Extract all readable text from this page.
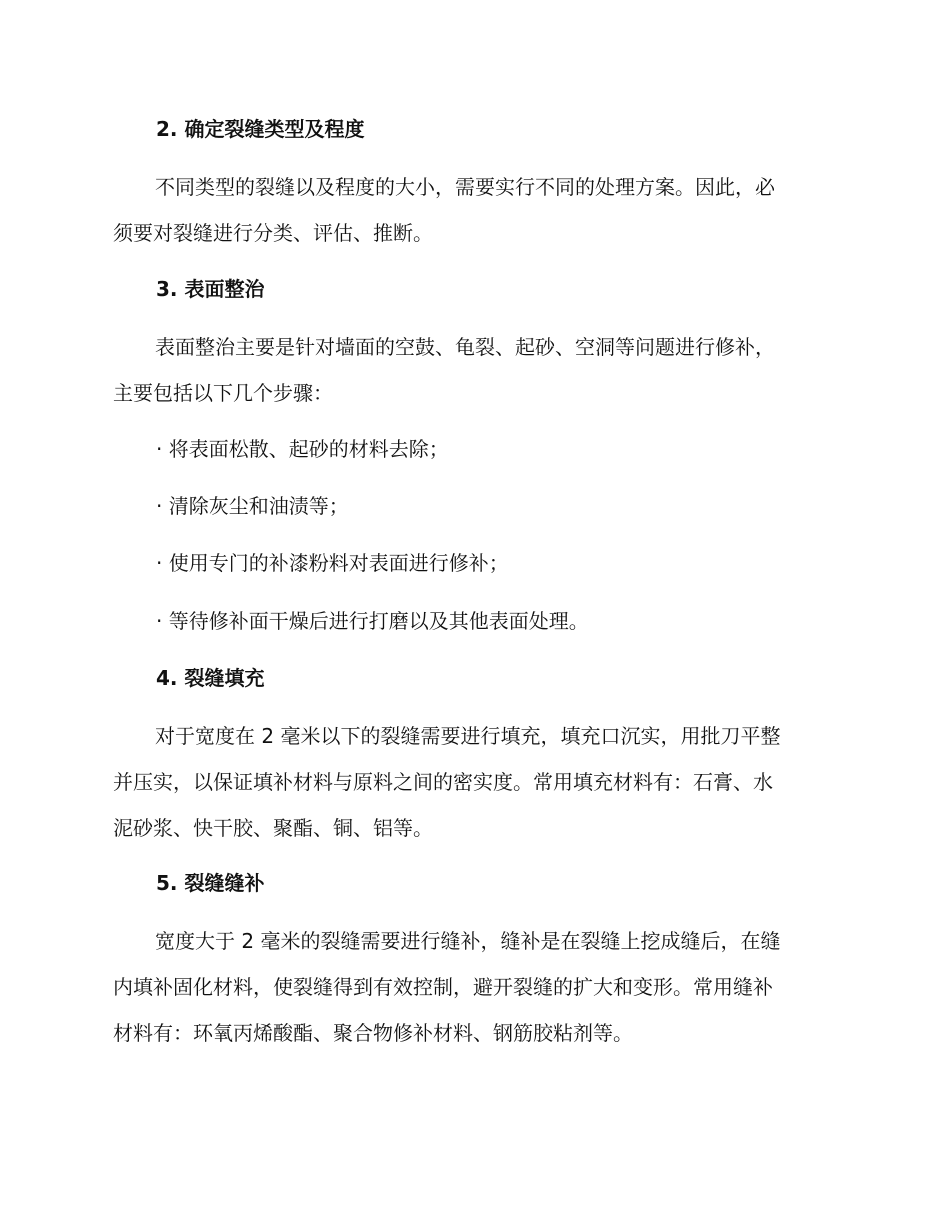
2. 确定裂缝类型及程度
不同类型的裂缝以及程度的大小，需要实行不同的处理方案。因此，必
须要对裂缝进行分类、评估、推断。
3. 表面整治
表面整治主要是针对墙面的空鼓、龟裂、起砂、空洞等问题进行修补，
主要包括以下几个步骤：
· 将表面松散、起砂的材料去除；
· 清除灰尘和油渍等；
· 使用专门的补漆粉料对表面进行修补；
· 等待修补面干燥后进行打磨以及其他表面处理。
4. 裂缝填充
对于宽度在 2 毫米以下的裂缝需要进行填充，填充口沉实，用批刀平整
并压实，以保证填补材料与原料之间的密实度。常用填充材料有：石膏、水
泥砂浆、快干胶、聚酯、铜、铝等。
5. 裂缝缝补
宽度大于 2 毫米的裂缝需要进行缝补，缝补是在裂缝上挖成缝后，在缝
内填补固化材料，使裂缝得到有效控制，避开裂缝的扩大和变形。常用缝补
材料有：环氧丙烯酸酯、聚合物修补材料、钢筋胶粘剂等。
